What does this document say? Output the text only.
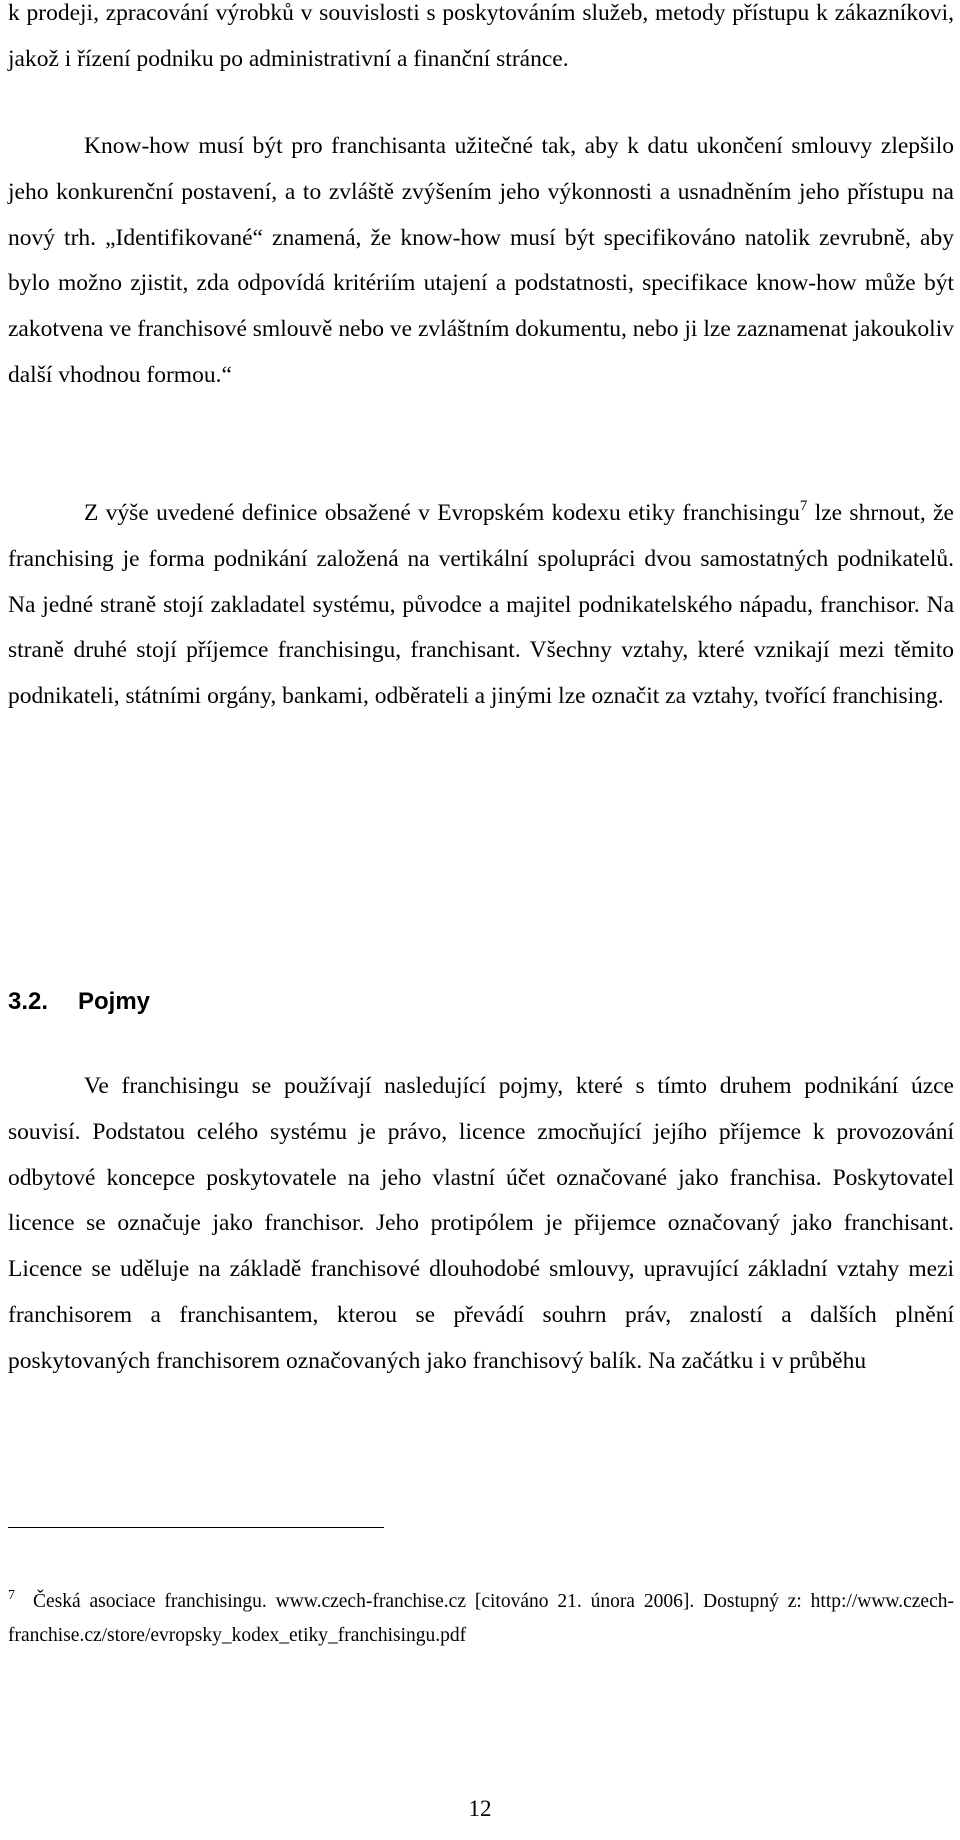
k prodeji, zpracování výrobků v souvislosti s poskytováním služeb, metody přístupu k zákazníkovi, jakož i řízení podniku po administrativní a finanční stránce.

Know-how musí být pro franchisanta užitečné tak, aby k datu ukončení smlouvy zlepšilo jeho konkurenční postavení, a to zvláště zvýšením jeho výkonnosti a usnadněním jeho přístupu na nový trh. „Identifikované“ znamená, že know-how musí být specifikováno natolik zevrubně, aby bylo možno zjistit, zda odpovídá kritériím utajení a podstatnosti, specifikace know-how může být zakotvena ve franchisové smlouvě nebo ve zvláštním dokumentu, nebo ji lze zaznamenat jakoukoliv další vhodnou formou.“

Z výše uvedené definice obsažené v Evropském kodexu etiky franchisingu$^7$ lze shrnout, že franchising je forma podnikání založená na vertikální spolupráci dvou samostatných podnikatelů. Na jedné straně stojí zakladatel systému, původce a majitel podnikatelského nápadu, franchisor. Na straně druhé stojí příjemce franchisingu, franchisant. Všechny vztahy, které vznikají mezi těmito podnikateli, státními orgány, bankami, odběrateli a jinými lze označit za vztahy, tvořící franchising.

3.2. Pojmy

Ve franchisingu se používají nasledující pojmy, které s tímto druhem podnikání úzce souvisí. Podstatou celého systému je právo, licence zmocňující jejího příjemce k provozování odbytové koncepce poskytovatele na jeho vlastní účet označované jako franchisa. Poskytovatel licence se označuje jako franchisor. Jeho protipólem je přijemce označovaný jako franchisant. Licence se uděluje na základě franchisové dlouhodobé smlouvy, upravující základní vztahy mezi franchisorem a franchisantem, kterou se převádí souhrn práv, znalostí a dalších plnění poskytovaných franchisorem označovaných jako franchisový balík. Na začátku i v průběhu

$^7$ Česká asociace franchisingu. www.czech-franchise.cz [citováno 21. února 2006]. Dostupný z: http://www.czech-franchise.cz/store/evropsky_kodex_etiky_franchisingu.pdf

12
